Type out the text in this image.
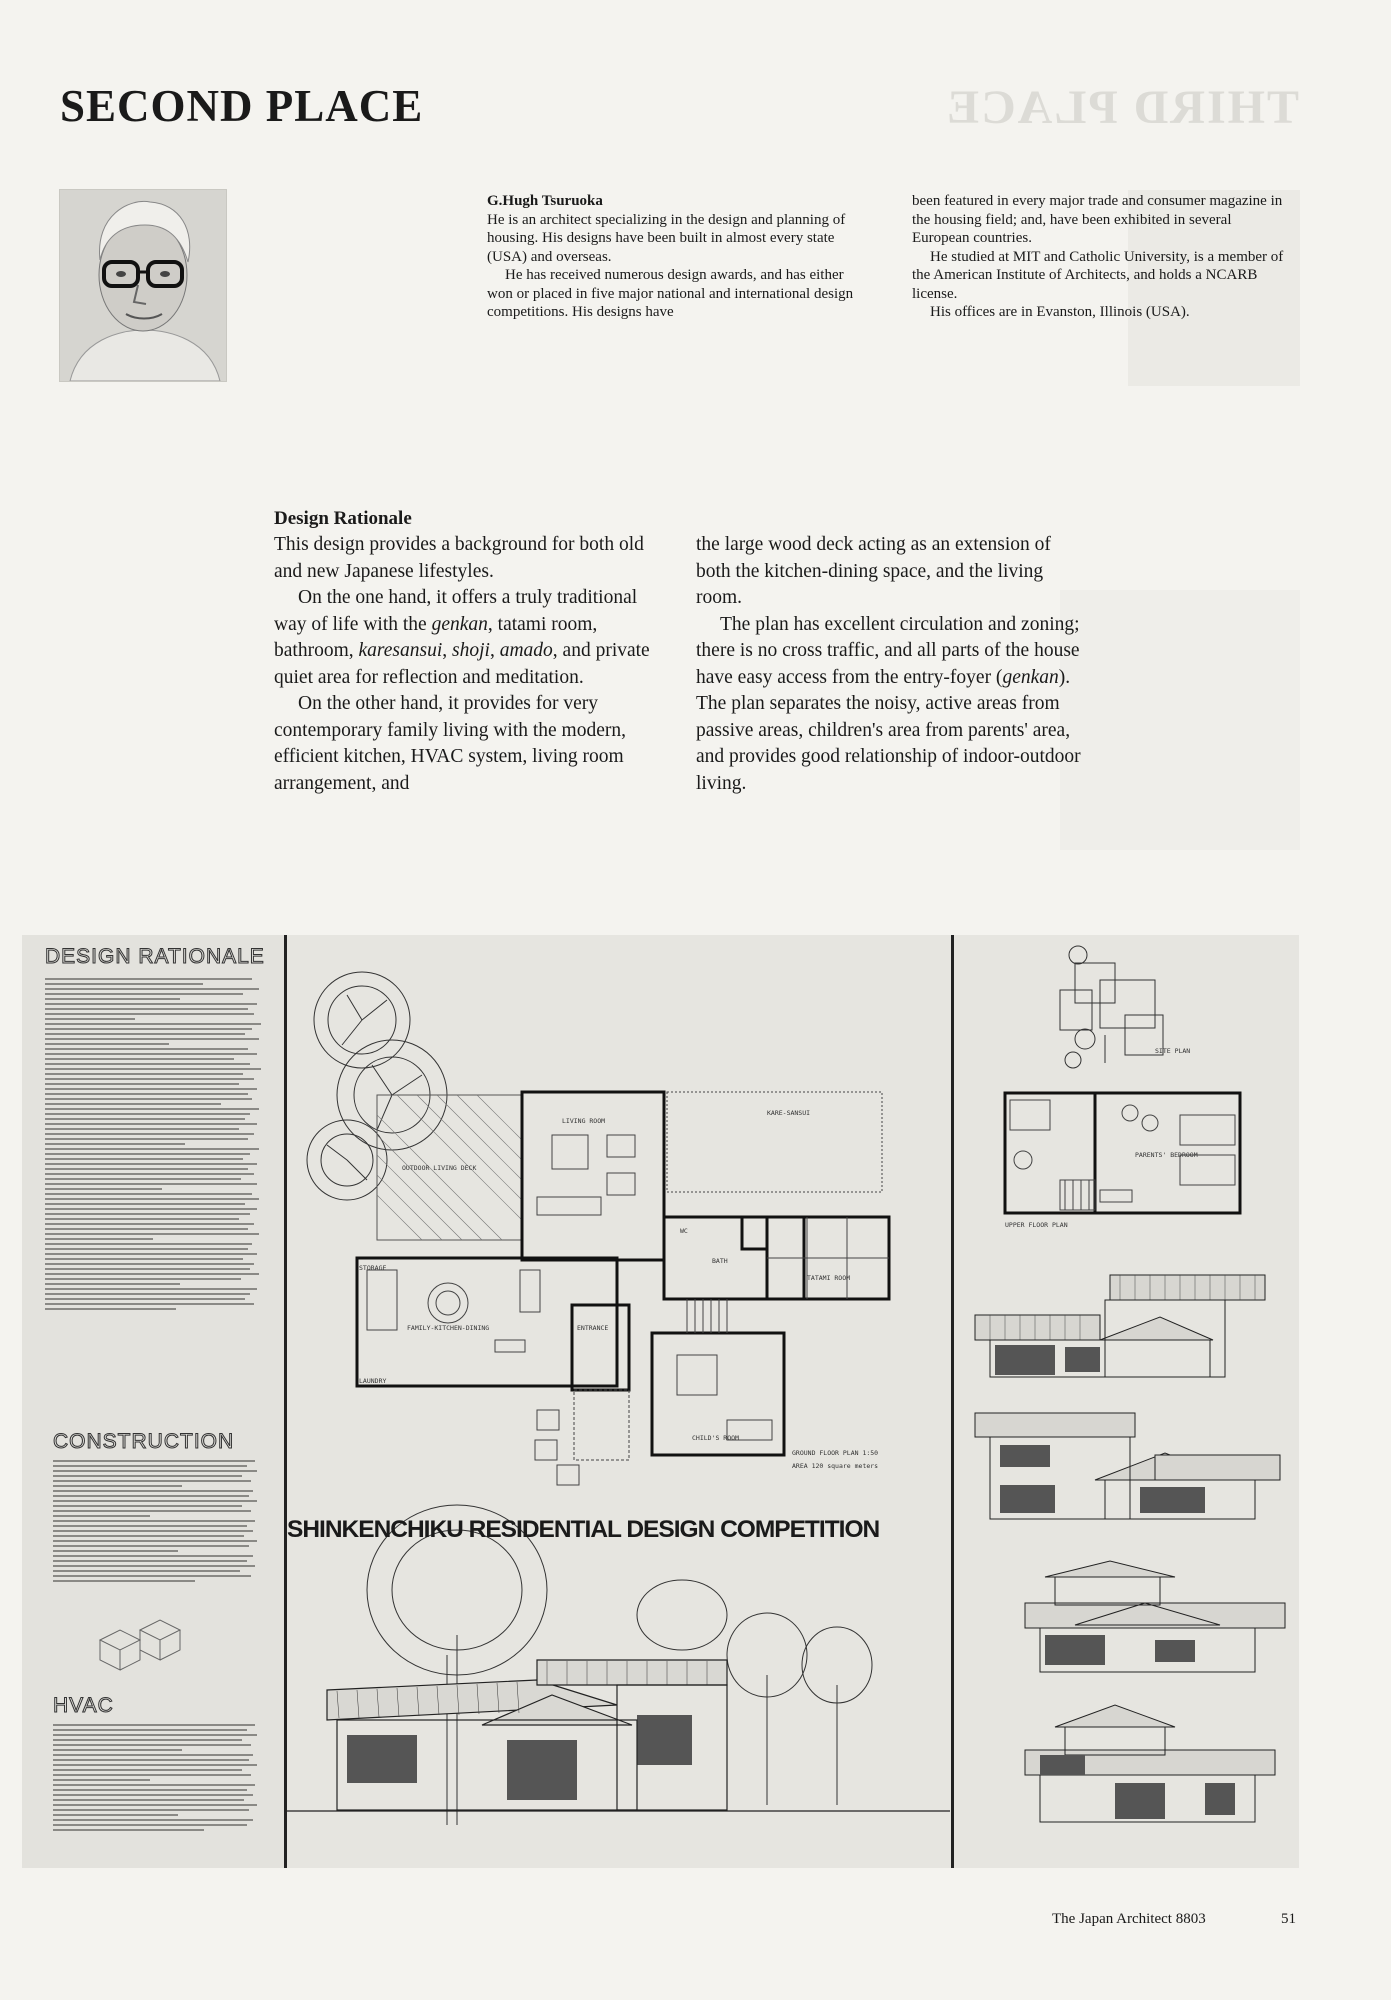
THIRD PLACE
SECOND PLACE

G.Hugh Tsuruoka

He is an architect specializing in the design and planning of housing. His designs have been built in almost every state (USA) and overseas.

He has received numerous design awards, and has either won or placed in five major national and international design competitions. His designs have

been featured in every major trade and consumer magazine in the housing field; and, have been exhibited in several European countries.

He studied at MIT and Catholic University, is a member of the American Institute of Architects, and holds a NCARB license.

His offices are in Evanston, Illinois (USA).

Design Rationale

This design provides a background for both old and new Japanese lifestyles.

On the one hand, it offers a truly traditional way of life with the genkan, tatami room, bathroom, karesansui, shoji, amado, and private quiet area for reflection and meditation.

On the other hand, it provides for very contemporary family living with the modern, efficient kitchen, HVAC system, living room arrangement, and

the large wood deck acting as an extension of both the kitchen-dining space, and the living room.

The plan has excellent circulation and zoning; there is no cross traffic, and all parts of the house have easy access from the entry-foyer (genkan). The plan separates the noisy, active areas from passive areas, children's area from parents' area, and provides good relationship of indoor-outdoor living.

DESIGN RATIONALE
CONSTRUCTION
HVAC
KARE-SANSUI
LIVING ROOM
OUTDOOR LIVING DECK
WC
BATH
TATAMI ROOM
STORAGE
FAMILY-KITCHEN-DINING	ENTRANCE
LAUNDRY
CHILD'S ROOM
GROUND FLOOR PLAN 1:50
AREA 120 square meters
SHINKENCHIKU RESIDENTIAL DESIGN COMPETITION
SITE PLAN
PARENTS' BEDROOM
UPPER FLOOR PLAN
The Japan Architect 8803	51
